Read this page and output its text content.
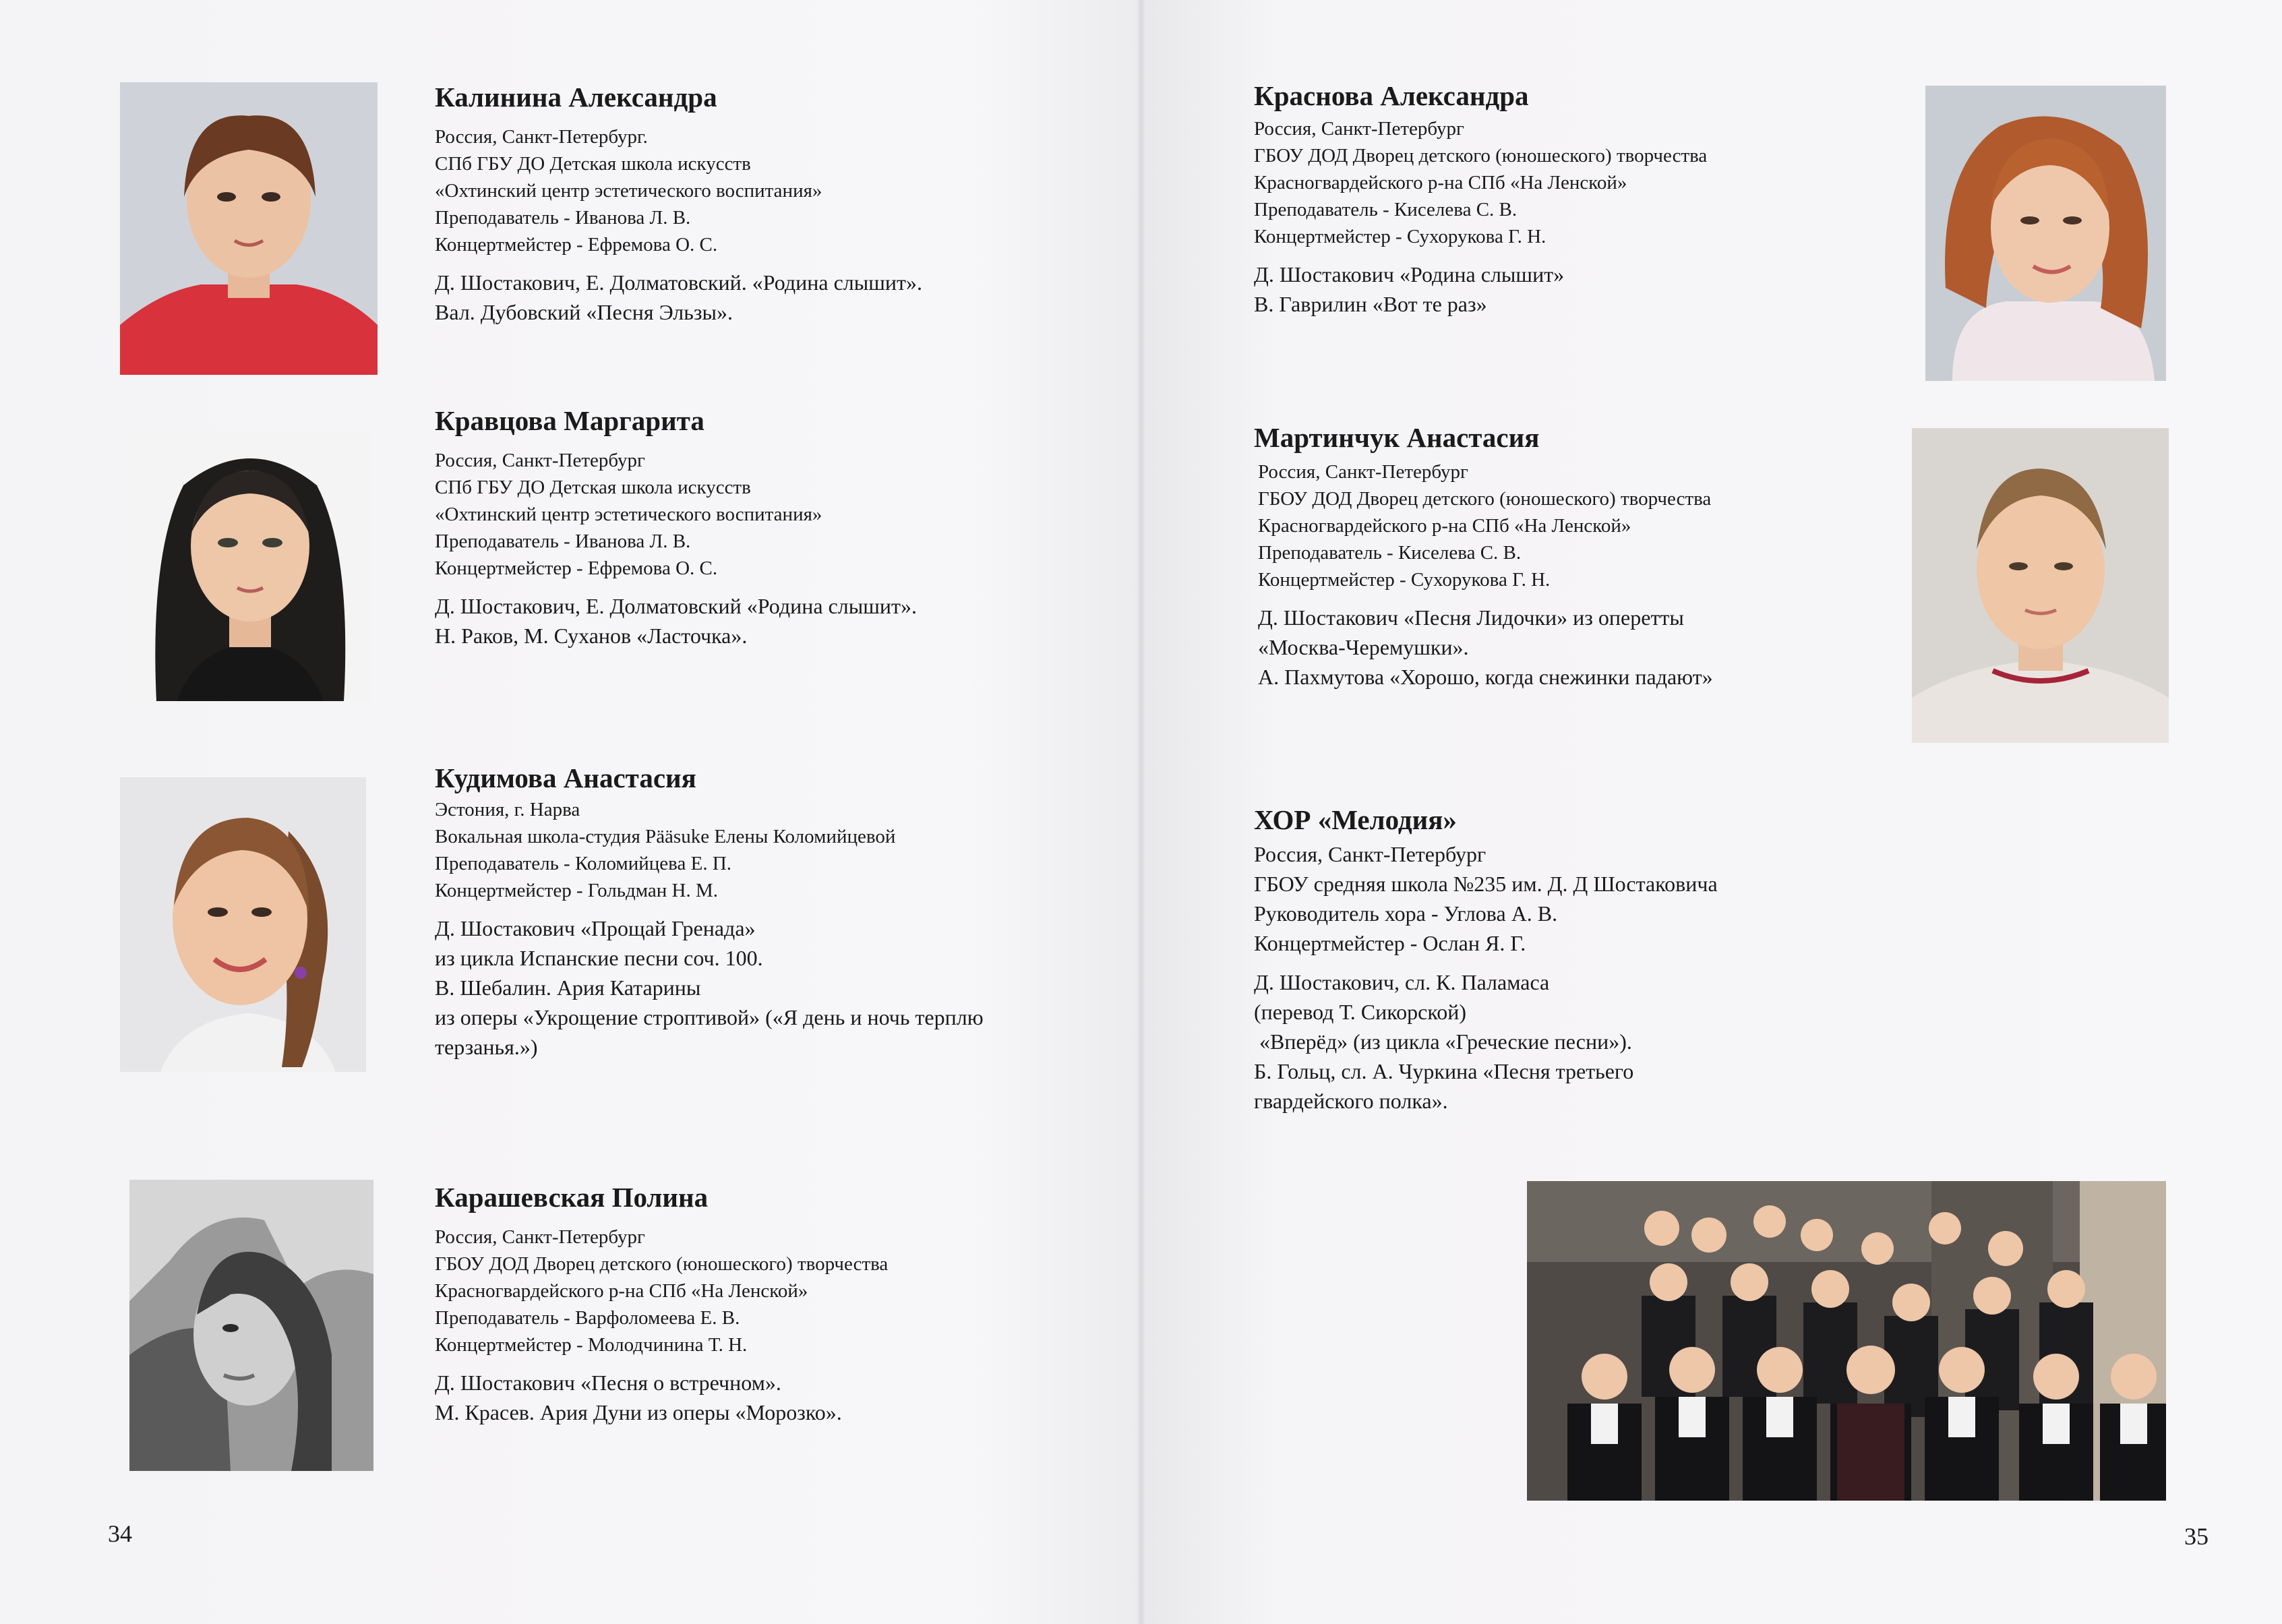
Калинина Александра
Россия, Санкт-Петербург.
СПб ГБУ ДО Детская школа искусств
«Охтинский центр эстетического воспитания»
Преподаватель - Иванова Л. В.
Концертмейстер - Ефремова О. С.
Д. Шостакович, Е. Долматовский. «Родина слышит».
Вал. Дубовский «Песня Эльзы».
Кравцова Маргарита
Россия, Санкт-Петербург
СПб ГБУ ДО Детская школа искусств
«Охтинский центр эстетического воспитания»
Преподаватель - Иванова Л. В.
Концертмейстер - Ефремова О. С.
Д. Шостакович, Е. Долматовский «Родина слышит».
Н. Раков, М. Суханов «Ласточка».
Кудимова Анастасия
Эстония, г. Нарва
Вокальная школа-студия Pääsuke Елены Коломийцевой
Преподаватель - Коломийцева Е. П.
Концертмейстер - Гольдман Н. М.
Д. Шостакович «Прощай Гренада»
из цикла Испанские песни соч. 100.
В. Шебалин. Ария Катарины
из оперы «Укрощение строптивой» («Я день и ночь терплю
терзанья.»)
Карашевская Полина
Россия, Санкт-Петербург
ГБОУ ДОД Дворец детского (юношеского) творчества
Красногвардейского р-на СПб «На Ленской»
Преподаватель - Варфоломеева Е. В.
Концертмейстер - Молодчинина Т. Н.
Д. Шостакович «Песня о встречном».
М. Красев. Ария Дуни из оперы «Морозко».
34
Краснова Александра
Россия, Санкт-Петербург
ГБОУ ДОД Дворец детского (юношеского) творчества
Красногвардейского р-на СПб «На Ленской»
Преподаватель - Киселева С. В.
Концертмейстер - Сухорукова Г. Н.
Д. Шостакович «Родина слышит»
В. Гаврилин «Вот те раз»
Мартинчук Анастасия
Россия, Санкт-Петербург
ГБОУ ДОД Дворец детского (юношеского) творчества
Красногвардейского р-на СПб «На Ленской»
Преподаватель - Киселева С. В.
Концертмейстер - Сухорукова Г. Н.
Д. Шостакович «Песня Лидочки» из оперетты
«Москва-Черемушки».
А. Пахмутова «Хорошо, когда снежинки падают»
ХОР «Мелодия»
Россия, Санкт-Петербург
ГБОУ средняя школа №235 им. Д. Д Шостаковича
Руководитель хора - Углова А. В.
Концертмейстер - Ослан Я. Г.
Д. Шостакович, сл. К. Паламаса
(перевод Т. Сикорской)
«Вперёд» (из цикла «Греческие песни»).
Б. Гольц, сл. А. Чуркина «Песня третьего
гвардейского полка».
35
